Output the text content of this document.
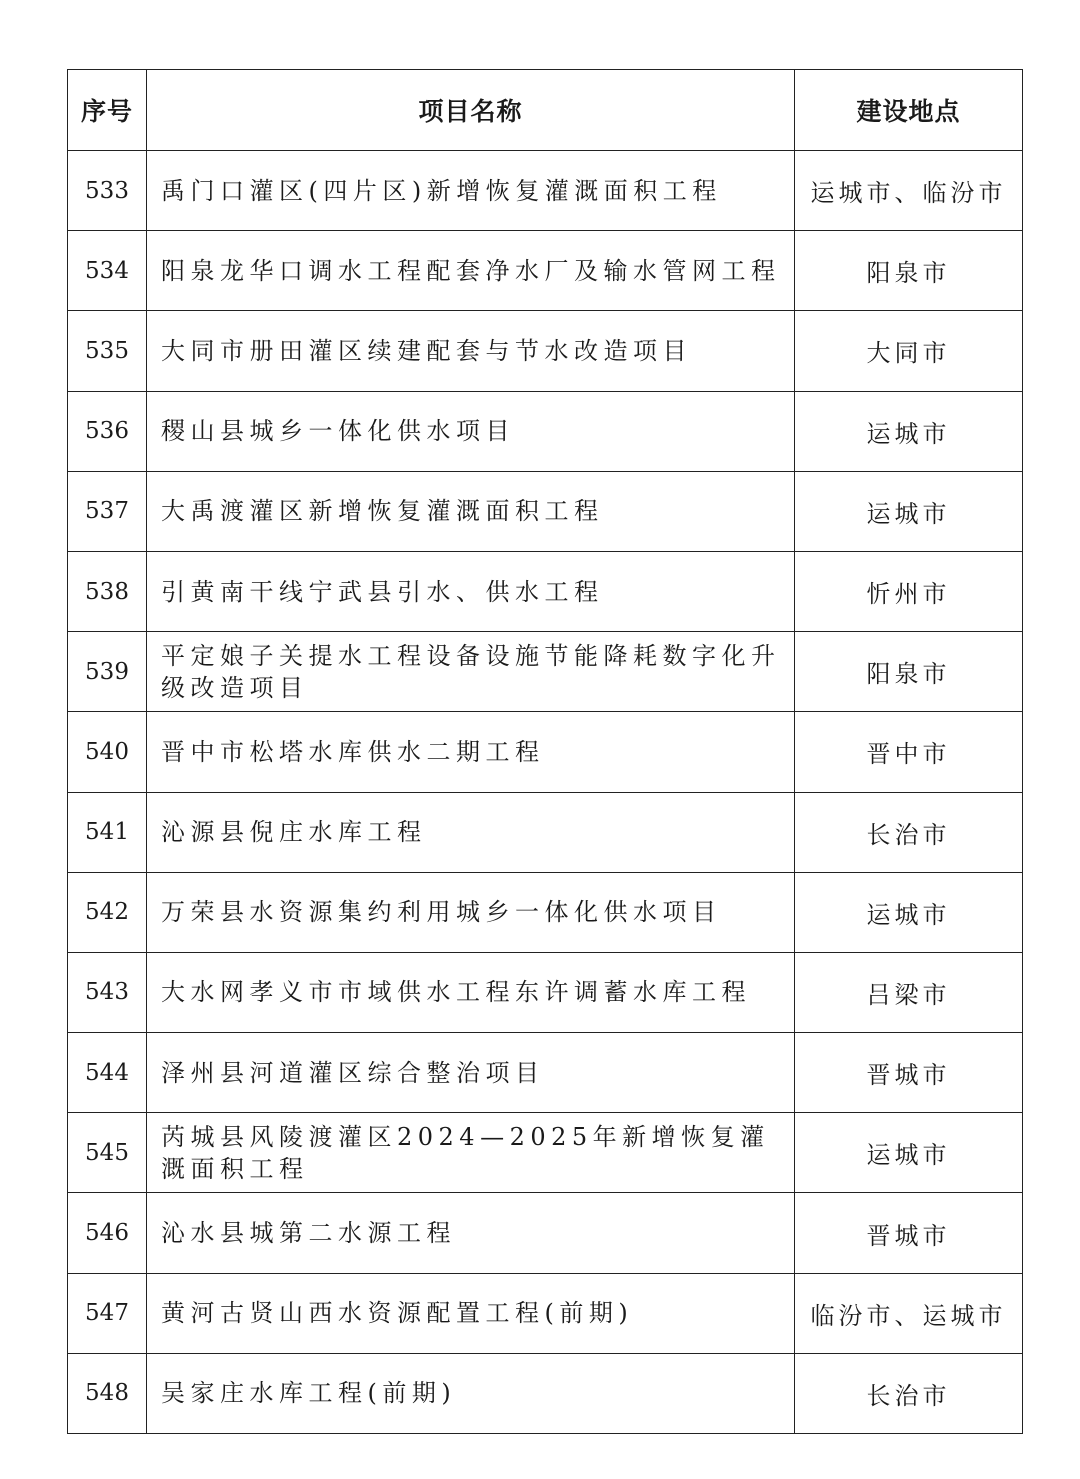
序号	项目名称	建设地点
533	禹门口灌区(四片区)新增恢复灌溉面积工程	运城市、临汾市
534	阳泉龙华口调水工程配套净水厂及输水管网工程	阳泉市
535	大同市册田灌区续建配套与节水改造项目	大同市
536	稷山县城乡一体化供水项目	运城市
537	大禹渡灌区新增恢复灌溉面积工程	运城市
538	引黄南干线宁武县引水、供水工程	忻州市
539	平定娘子关提水工程设备设施节能降耗数字化升级改造项目	阳泉市
540	晋中市松塔水库供水二期工程	晋中市
541	沁源县倪庄水库工程	长治市
542	万荣县水资源集约利用城乡一体化供水项目	运城市
543	大水网孝义市市域供水工程东许调蓄水库工程	吕梁市
544	泽州县河道灌区综合整治项目	晋城市
545	芮城县风陵渡灌区2024—2025年新增恢复灌溉面积工程	运城市
546	沁水县城第二水源工程	晋城市
547	黄河古贤山西水资源配置工程(前期)	临汾市、运城市
548	吴家庄水库工程(前期)	长治市
